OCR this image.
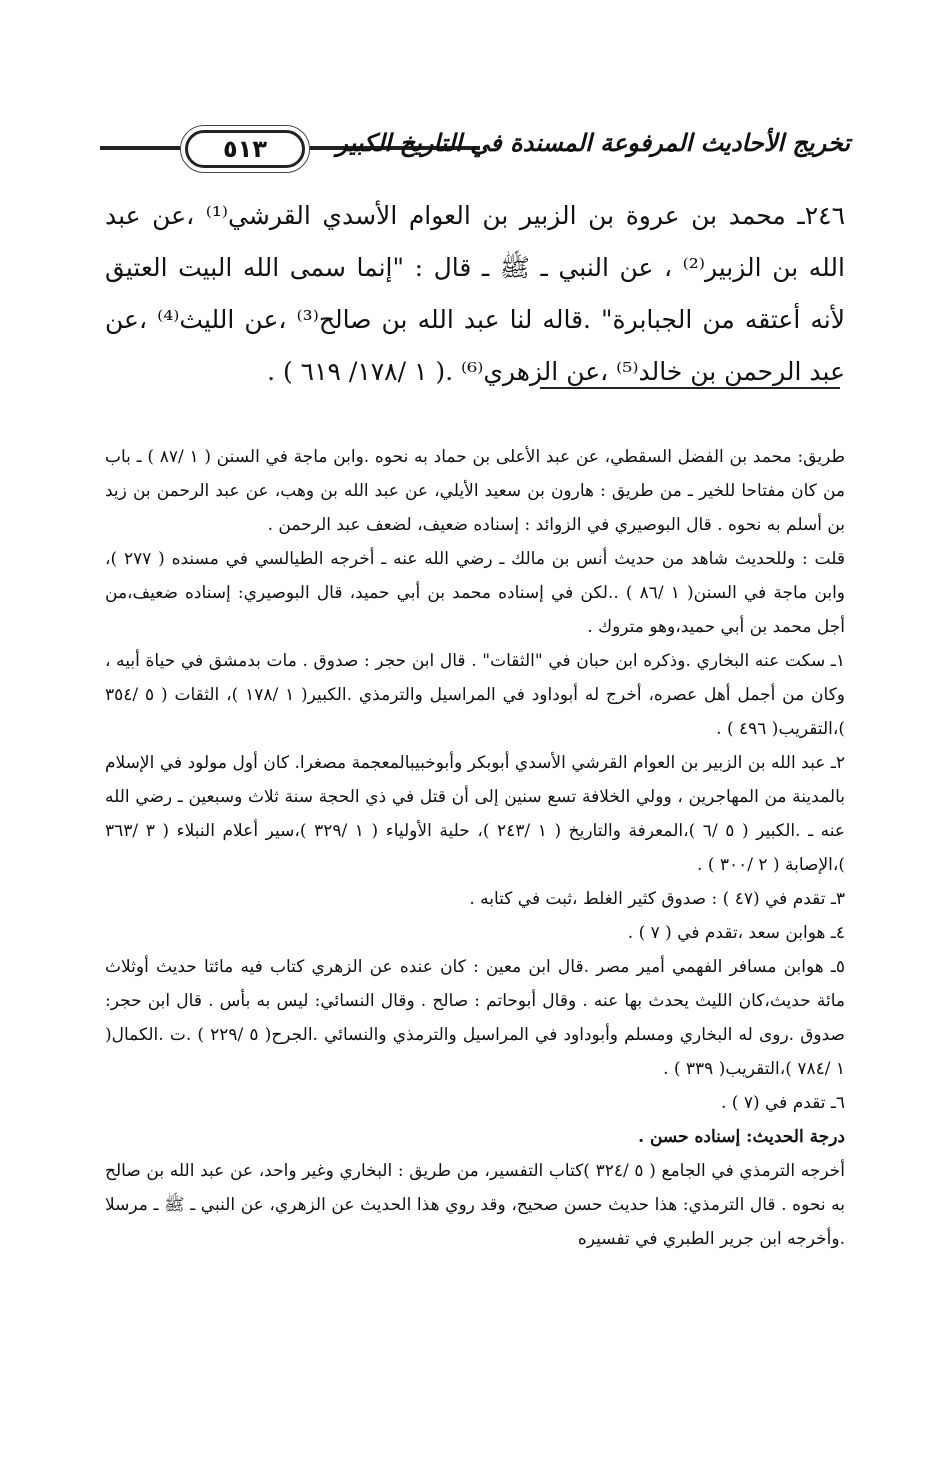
٥١٣	تخريج الأحاديث المرفوعة المسندة في التاريخ الكبير

٢٤٦ـ محمد بن عروة بن الزبير بن العوام الأسدي القرشي⁽¹⁾ ،عن عبد الله بن الزبير⁽²⁾ ، عن النبي ـ ﷺ ـ قال : "إنما سمى الله البيت العتيق لأنه أعتقه من الجبابرة" .قاله لنا عبد الله بن صالح⁽³⁾ ،عن الليث⁽⁴⁾ ،عن عبد الرحمن بن خالد⁽⁵⁾ ،عن الزهري⁽⁶⁾ .( ١ /١٧٨/ ٦١٩ ) .

طريق: محمد بن الفضل السقطي، عن عبد الأعلى بن حماد به نحوه .وابن ماجة في السنن ( ١ /٨٧ ) ـ باب من كان مفتاحا للخير ـ من طريق : هارون بن سعيد الأيلي، عن عبد الله بن وهب، عن عبد الرحمن بن زيد بن أسلم به نحوه . قال البوصيري في الزوائد : إسناده ضعيف، لضعف عبد الرحمن .

قلت : وللحديث شاهد من حديث أنس بن مالك ـ رضي الله عنه ـ أخرجه الطيالسي في مسنده ( ٢٧٧ )، وابن ماجة في السنن( ١ /٨٦ ) ..لكن في إسناده محمد بن أبي حميد، قال البوصيري: إسناده ضعيف،من أجل محمد بن أبي حميد،وهو متروك .

١ـ سكت عنه البخاري .وذكره ابن حبان في "الثقات" . قال ابن حجر : صدوق . مات بدمشق في حياة أبيه ، وكان من أجمل أهل عصره، أخرج له أبوداود في المراسيل والترمذي .الكبير( ١ /١٧٨ )، الثقات ( ٥ /٣٥٤ )،التقريب( ٤٩٦ ) .

٢ـ عبد الله بن الزبير بن العوام القرشي الأسدي أبوبكر وأبوخبيبالمعجمة مصغرا. كان أول مولود في الإسلام بالمدينة من المهاجرين ، وولي الخلافة تسع سنين إلى أن قتل في ذي الحجة سنة ثلاث وسبعين ـ رضي الله عنه ـ .الكبير ( ٥ /٦ )،المعرفة والتاريخ ( ١ /٢٤٣ )، حلية الأولياء ( ١ /٣٢٩ )،سير أعلام النبلاء ( ٣ /٣٦٣ )،الإصابة ( ٢ /٣٠٠ ) .

٣ـ تقدم في (٤٧ ) : صدوق كثير الغلط ،ثبت في كتابه .

٤ـ هوابن سعد ،تقدم في ( ٧ ) .

٥ـ هوابن مسافر الفهمي أمير مصر .قال ابن معين : كان عنده عن الزهري كتاب فيه مائتا حديث أوثلاث مائة حديث،كان الليث يحدث بها عنه . وقال أبوحاتم : صالح . وقال النسائي: ليس به بأس . قال ابن حجر: صدوق .روى له البخاري ومسلم وأبوداود في المراسيل والترمذي والنسائي .الجرح( ٥ /٢٢٩ ) .ت .الكمال( ١ /٧٨٤ )،التقريب( ٣٣٩ ) .

٦ـ تقدم في (٧ ) .

درجة الحديث: إسناده حسن .

أخرجه الترمذي في الجامع ( ٥ /٣٢٤ )كتاب التفسير، من طريق : البخاري وغير واحد، عن عبد الله بن صالح به نحوه . قال الترمذي: هذا حديث حسن صحيح، وقد روي هذا الحديث عن الزهري، عن النبي ـ ﷺ ـ مرسلا .وأخرجه ابن جرير الطبري في تفسيره
